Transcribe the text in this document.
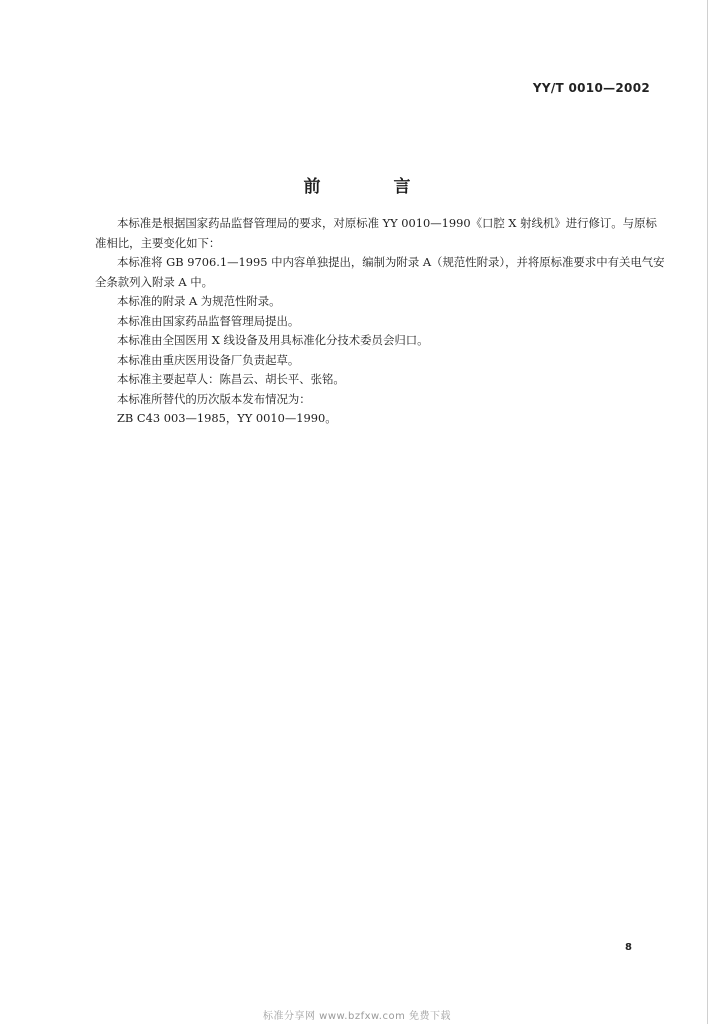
YY/T 0010—2002
前　言

本标准是根据国家药品监督管理局的要求，对原标准 YY 0010—1990《口腔 X 射线机》进行修订。与原标准相比，主要变化如下：

本标准将 GB 9706.1—1995 中内容单独提出，编制为附录 A（规范性附录），并将原标准要求中有关电气安全条款列入附录 A 中。

本标准的附录 A 为规范性附录。

本标准由国家药品监督管理局提出。

本标准由全国医用 X 线设备及用具标准化分技术委员会归口。

本标准由重庆医用设备厂负责起草。

本标准主要起草人：陈昌云、胡长平、张铭。

本标准所替代的历次版本发布情况为：

ZB C43 003—1985，YY 0010—1990。

8
标准分享网 www.bzfxw.com 免费下载
